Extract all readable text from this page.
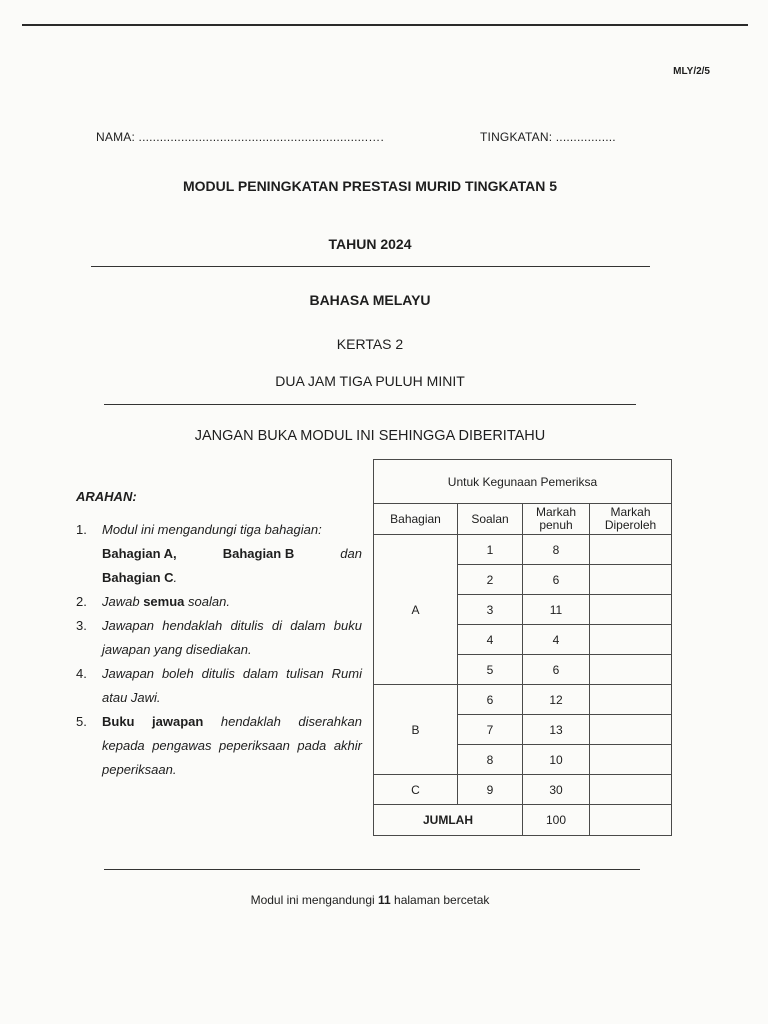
MLY/2/5
NAMA: .................................................................….	TINGKATAN: .................
MODUL PENINGKATAN PRESTASI MURID TINGKATAN 5
TAHUN 2024
BAHASA MELAYU
KERTAS 2
DUA JAM TIGA PULUH MINIT
JANGAN BUKA MODUL INI SEHINGGA DIBERITAHU
ARAHAN:
1. Modul ini mengandungi tiga bahagian:
Bahagian A,	Bahagian B	dan
Bahagian C.
2. Jawab semua soalan.
3. Jawapan hendaklah ditulis di dalam buku jawapan yang disediakan.
4. Jawapan boleh ditulis dalam tulisan Rumi atau Jawi.
5. Buku jawapan hendaklah diserahkan kepada pengawas peperiksaan pada akhir peperiksaan.
Untuk Kegunaan Pemeriksa			
Bahagian	Soalan	Markah penuh	Markah Diperoleh
A	1	8	
	2	6	
	3	11	
	4	4	
	5	6	
B	6	12	
	7	13	
	8	10	
C	9	30	
JUMLAH		100	
Modul ini mengandungi 11 halaman bercetak
